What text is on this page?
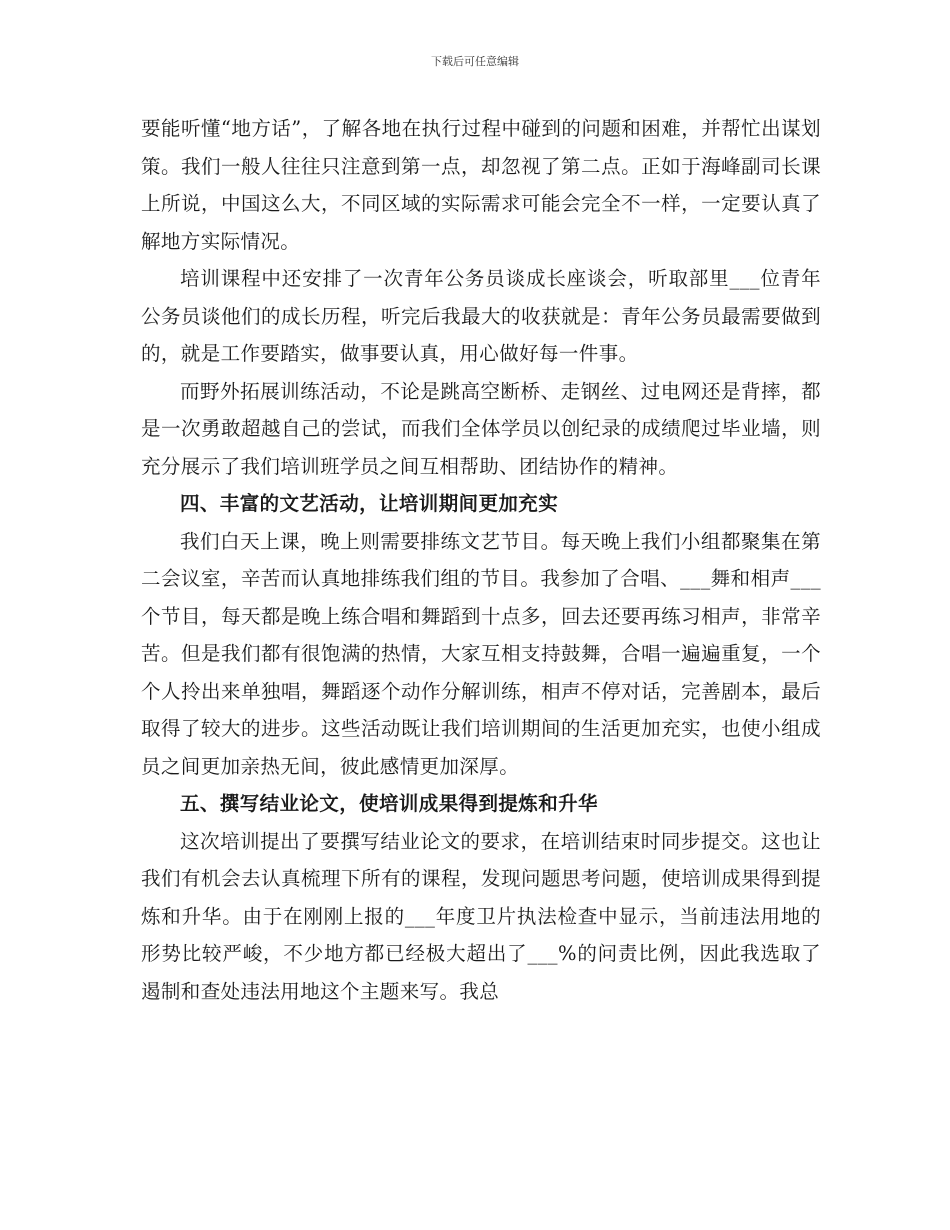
下载后可任意编辑

要能听懂“地方话”，了解各地在执行过程中碰到的问题和困难，并帮忙出谋划策。我们一般人往往只注意到第一点，却忽视了第二点。正如于海峰副司长课上所说，中国这么大，不同区域的实际需求可能会完全不一样，一定要认真了解地方实际情况。

培训课程中还安排了一次青年公务员谈成长座谈会，听取部里___位青年公务员谈他们的成长历程，听完后我最大的收获就是：青年公务员最需要做到的，就是工作要踏实，做事要认真，用心做好每一件事。

而野外拓展训练活动，不论是跳高空断桥、走钢丝、过电网还是背摔，都是一次勇敢超越自己的尝试，而我们全体学员以创纪录的成绩爬过毕业墙，则充分展示了我们培训班学员之间互相帮助、团结协作的精神。

四、丰富的文艺活动，让培训期间更加充实

我们白天上课，晚上则需要排练文艺节目。每天晚上我们小组都聚集在第二会议室，辛苦而认真地排练我们组的节目。我参加了合唱、___舞和相声___个节目，每天都是晚上练合唱和舞蹈到十点多，回去还要再练习相声，非常辛苦。但是我们都有很饱满的热情，大家互相支持鼓舞，合唱一遍遍重复，一个个人拎出来单独唱，舞蹈逐个动作分解训练，相声不停对话，完善剧本，最后取得了较大的进步。这些活动既让我们培训期间的生活更加充实，也使小组成员之间更加亲热无间，彼此感情更加深厚。

五、撰写结业论文，使培训成果得到提炼和升华

这次培训提出了要撰写结业论文的要求，在培训结束时同步提交。这也让我们有机会去认真梳理下所有的课程，发现问题思考问题，使培训成果得到提炼和升华。由于在刚刚上报的___年度卫片执法检查中显示，当前违法用地的形势比较严峻，不少地方都已经极大超出了___%的问责比例，因此我选取了遏制和查处违法用地这个主题来写。我总
